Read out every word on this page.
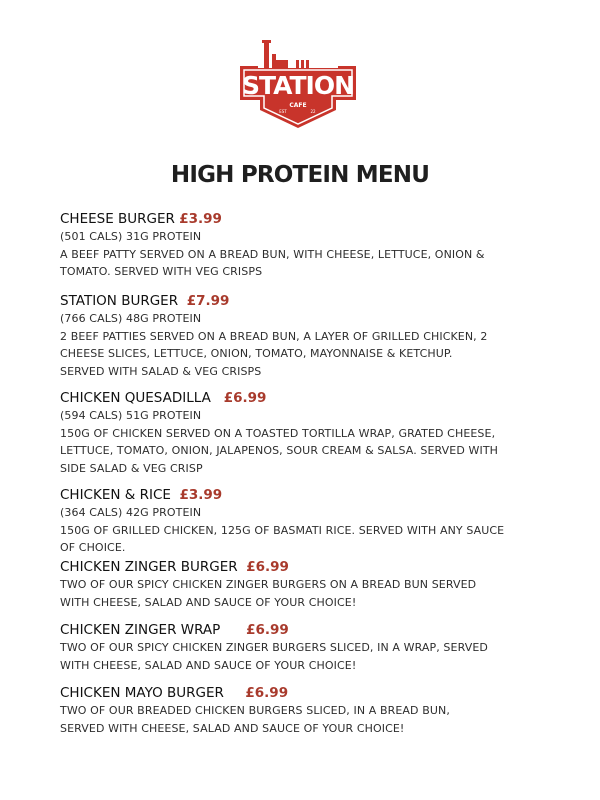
STATION
CAFE
EST	22
HIGH PROTEIN MENU
CHEESE BURGER £3.99
(501 CALS) 31G PROTEIN
A BEEF PATTY SERVED ON A BREAD BUN, WITH CHEESE, LETTUCE, ONION &
TOMATO. SERVED WITH VEG CRISPS
STATION BURGER £7.99
(766 CALS) 48G PROTEIN
2 BEEF PATTIES SERVED ON A BREAD BUN, A LAYER OF GRILLED CHICKEN, 2
CHEESE SLICES, LETTUCE, ONION, TOMATO, MAYONNAISE & KETCHUP.
SERVED WITH SALAD & VEG CRISPS
CHICKEN QUESADILLA £6.99
(594 CALS) 51G PROTEIN
150G OF CHICKEN SERVED ON A TOASTED TORTILLA WRAP, GRATED CHEESE,
LETTUCE, TOMATO, ONION, JALAPENOS, SOUR CREAM & SALSA. SERVED WITH
SIDE SALAD & VEG CRISP
CHICKEN & RICE £3.99
(364 CALS) 42G PROTEIN
150G OF GRILLED CHICKEN, 125G OF BASMATI RICE. SERVED WITH ANY SAUCE
OF CHOICE.
CHICKEN ZINGER BURGER £6.99
TWO OF OUR SPICY CHICKEN ZINGER BURGERS ON A BREAD BUN SERVED
WITH CHEESE, SALAD AND SAUCE OF YOUR CHOICE!
CHICKEN ZINGER WRAP £6.99
TWO OF OUR SPICY CHICKEN ZINGER BURGERS SLICED, IN A WRAP, SERVED
WITH CHEESE, SALAD AND SAUCE OF YOUR CHOICE!
CHICKEN MAYO BURGER £6.99
TWO OF OUR BREADED CHICKEN BURGERS SLICED, IN A BREAD BUN,
SERVED WITH CHEESE, SALAD AND SAUCE OF YOUR CHOICE!
